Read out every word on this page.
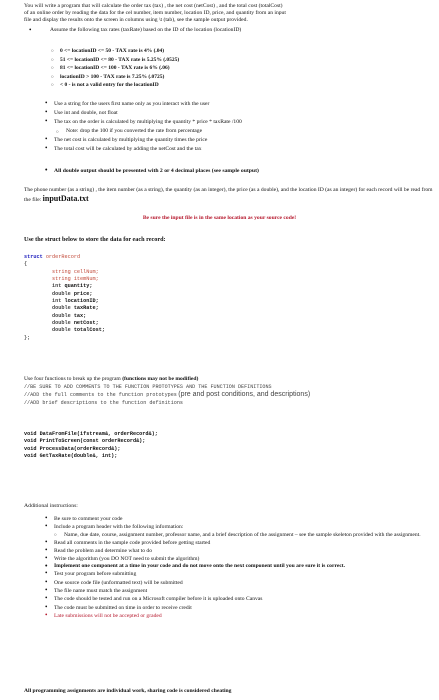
You will write a program that will calculate the order tax (tax) , the net cost (netCost) , and the total cost (totalCost)
of an online order by reading the data for the cel number, item number, location ID, price, and quantity from an input
file and display the results onto the screen in columns using \t (tab), see the sample output provided.
• Assume the following tax rates (taxRate) based on the ID of the location (locationID)
○ 0 <= locationID <= 50 - TAX rate is 4% (.04)
○ 51 <= locationID <= 80 - TAX rate is 5.25% (.0525)
○ 81 <= locationID <= 100 - TAX rate is 6% (.06)
○ locationID > 100 - TAX rate is 7.25% (.0725)
○ < 0 - is not a valid entry for the locationID
• Use a string for the users first name only as you interact with the user
• Use int and double, not float
• The tax on the order is calculated by multiplying the quantity * price * taxRate /100
○ Note: drop the 100 if you converted the rate from percentage
• The net cost is calculated by multiplying the quantity times the price
• The total cost will be calculated by adding the netCost and the tax
• All double output should be presented with 2 or 4 decimal places (see sample output)
The phone number (as a string) , the item number (as a string), the quantity (as an integer), the price (as a double), and the location ID (as an integer) for each record will be read from the file: inputData.txt
Be sure the input file is in the same location as your source code!
Use the struct below to store the data for each record:
struct orderRecord
{
string cellNum;
string itemNum;
int quantity;
double price;
int locationID;
double taxRate;
double tax;
double netCost;
double totalCost;
};
Use four functions to break up the program (functions may not be modified)
//BE SURE TO ADD COMMENTS TO THE FUNCTION PROTOTYPES AND THE FUNCTION DEFINITIONS
//ADD the full comments to the function prototypes (pre and post conditions, and descriptions)
//ADD brief descriptions to the function definitions
void DataFromFile(ifstream&, orderRecord&);
void PrintToScreen(const orderRecord&);
void ProcessData(orderRecord&);
void GetTaxRate(double&, int);
Additional instructions:
• Be sure to comment your code
• Include a program header with the following information:
○ Name, due date, course, assignment number, professor name, and a brief description of the assignment – see the sample skeleton provided with the assignment.
• Read all comments in the sample code provided before getting started
• Read the problem and determine what to do
• Write the algorithm (you DO NOT need to submit the algorithm)
• Implement one component at a time in your code and do not move onto the next component until you are sure it is correct.
• Test your program before submitting
• One source code file (unformatted text) will be submitted
• The file name must match the assignment
• The code should be tested and run on a Microsoft compiler before it is uploaded onto Canvas
• The code must be submitted on time in order to receive credit
• Late submissions will not be accepted or graded
All programming assignments are individual work, sharing code is considered cheating
